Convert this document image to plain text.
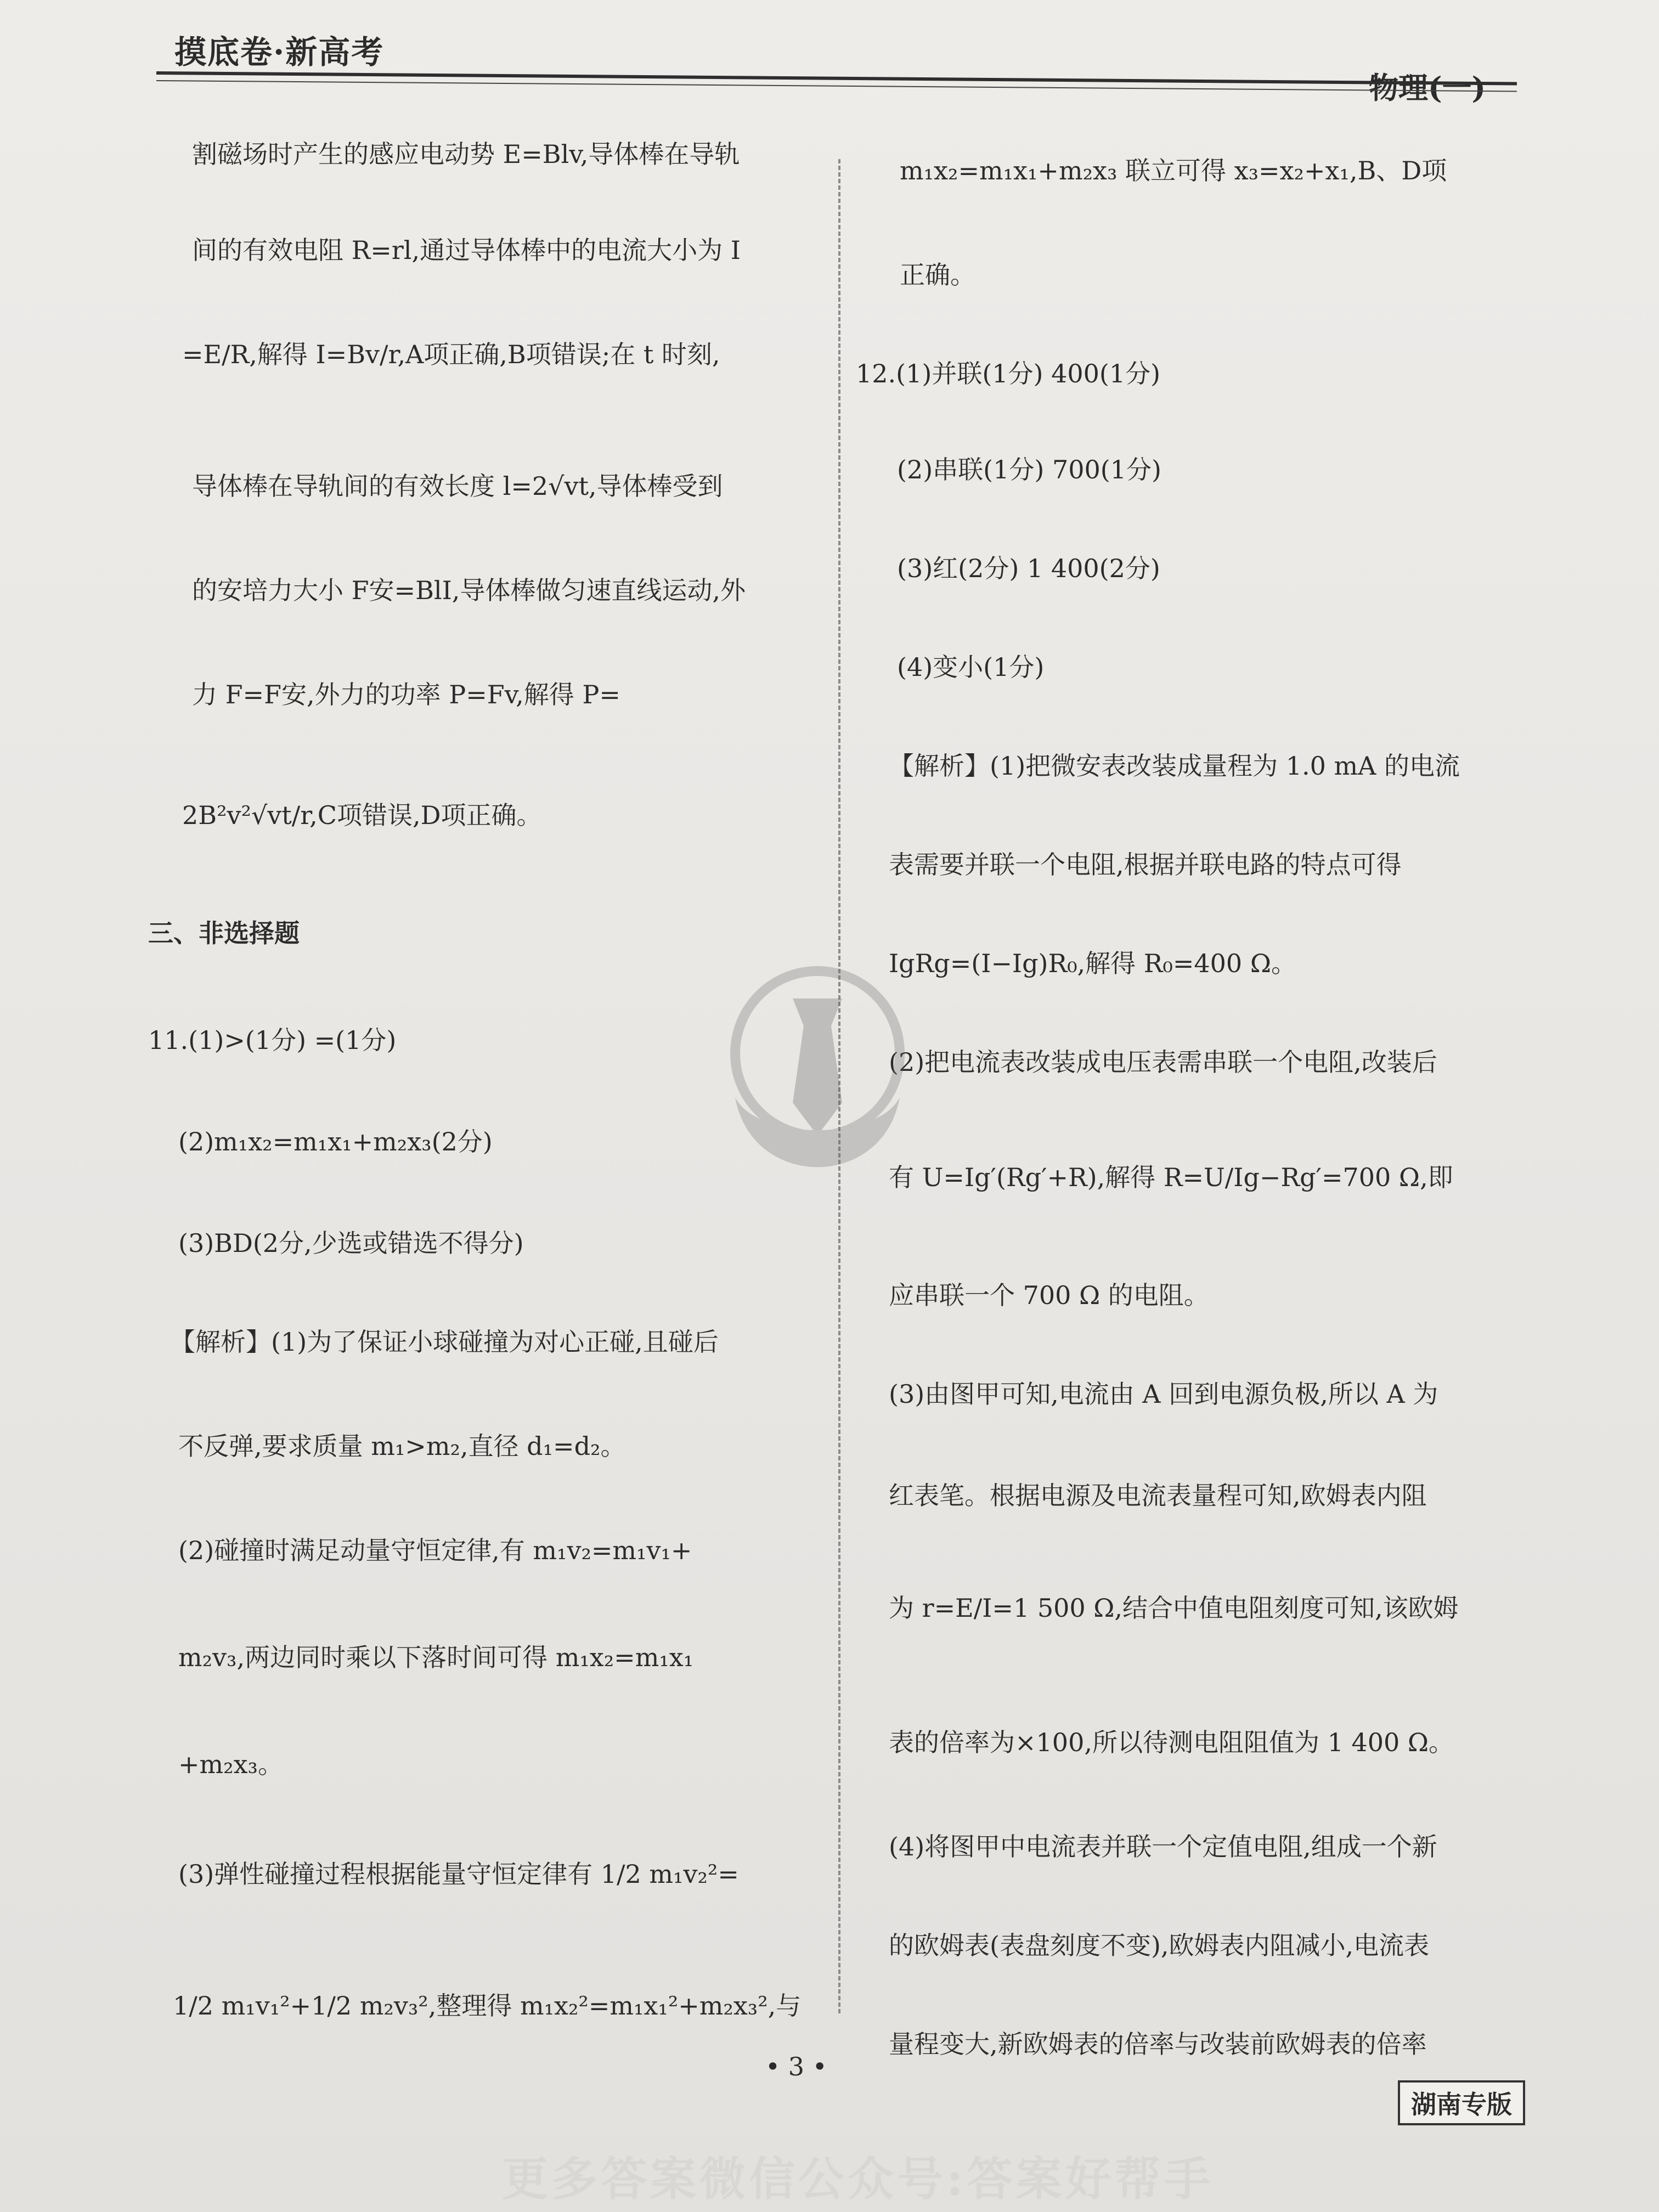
摸底卷·新高考
物理(一)
割磁场时产生的感应电动势 E=Blv,导体棒在导轨
间的有效电阻 R=rl,通过导体棒中的电流大小为 I
=E/R,解得 I=Bv/r,A项正确,B项错误;在 t 时刻,
导体棒在导轨间的有效长度 l=2√vt,导体棒受到
的安培力大小 F安=BlI,导体棒做匀速直线运动,外
力 F=F安,外力的功率 P=Fv,解得 P=
2B²v²√vt/r,C项错误,D项正确。
三、非选择题
11.(1)>(1分) =(1分)
(2)m₁x₂=m₁x₁+m₂x₃(2分)
(3)BD(2分,少选或错选不得分)
【解析】(1)为了保证小球碰撞为对心正碰,且碰后
不反弹,要求质量 m₁>m₂,直径 d₁=d₂。
(2)碰撞时满足动量守恒定律,有 m₁v₂=m₁v₁+
m₂v₃,两边同时乘以下落时间可得 m₁x₂=m₁x₁
+m₂x₃。
(3)弹性碰撞过程根据能量守恒定律有 1/2 m₁v₂²=
1/2 m₁v₁²+1/2 m₂v₃²,整理得 m₁x₂²=m₁x₁²+m₂x₃²,与
m₁x₂=m₁x₁+m₂x₃ 联立可得 x₃=x₂+x₁,B、D项
正确。
12.(1)并联(1分) 400(1分)
(2)串联(1分) 700(1分)
(3)红(2分) 1 400(2分)
(4)变小(1分)
【解析】(1)把微安表改装成量程为 1.0 mA 的电流
表需要并联一个电阻,根据并联电路的特点可得
IgRg=(I−Ig)R₀,解得 R₀=400 Ω。
(2)把电流表改装成电压表需串联一个电阻,改装后
有 U=Ig′(Rg′+R),解得 R=U/Ig−Rg′=700 Ω,即
应串联一个 700 Ω 的电阻。
(3)由图甲可知,电流由 A 回到电源负极,所以 A 为
红表笔。根据电源及电流表量程可知,欧姆表内阻
为 r=E/I=1 500 Ω,结合中值电阻刻度可知,该欧姆
表的倍率为×100,所以待测电阻阻值为 1 400 Ω。
(4)将图甲中电流表并联一个定值电阻,组成一个新
的欧姆表(表盘刻度不变),欧姆表内阻减小,电流表
量程变大,新欧姆表的倍率与改装前欧姆表的倍率
• 3 •
湖南专版
更多答案微信公众号:答案好帮手
